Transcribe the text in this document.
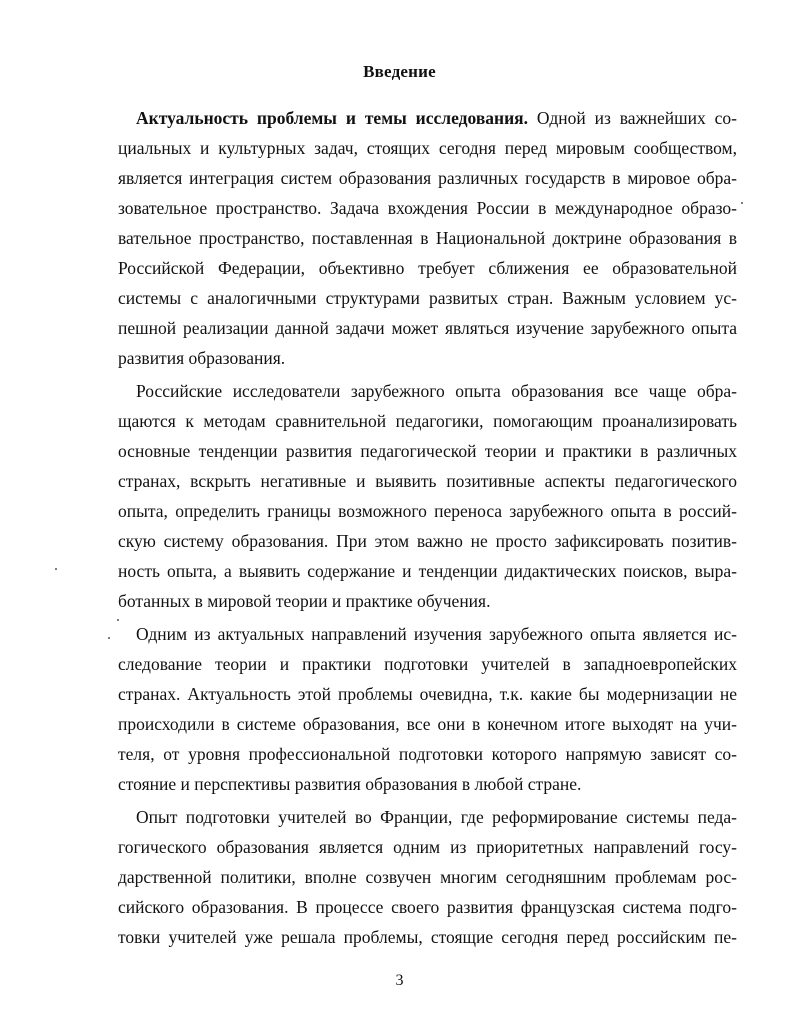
Введение
Актуальность проблемы и темы исследования. Одной из важнейших со-
циальных и культурных задач, стоящих сегодня перед мировым сообществом,
является интеграция систем образования различных государств в мировое обра-
зовательное пространство. Задача вхождения России в международное образо-
вательное пространство, поставленная в Национальной доктрине образования в
Российской Федерации, объективно требует сближения ее образовательной
системы с аналогичными структурами развитых стран. Важным условием ус-
пешной реализации данной задачи может являться изучение зарубежного опыта
развития образования.
Российские исследователи зарубежного опыта образования все чаще обра-
щаются к методам сравнительной педагогики, помогающим проанализировать
основные тенденции развития педагогической теории и практики в различных
странах, вскрыть негативные и выявить позитивные аспекты педагогического
опыта, определить границы возможного переноса зарубежного опыта в россий-
скую систему образования. При этом важно не просто зафиксировать позитив-
ность опыта, а выявить содержание и тенденции дидактических поисков, выра-
ботанных в мировой теории и практике обучения.
Одним из актуальных направлений изучения зарубежного опыта является ис-
следование теории и практики подготовки учителей в западноевропейских
странах. Актуальность этой проблемы очевидна, т.к. какие бы модернизации не
происходили в системе образования, все они в конечном итоге выходят на учи-
теля, от уровня профессиональной подготовки которого напрямую зависят со-
стояние и перспективы развития образования в любой стране.
Опыт подготовки учителей во Франции, где реформирование системы педа-
гогического образования является одним из приоритетных направлений госу-
дарственной политики, вполне созвучен многим сегодняшним проблемам рос-
сийского образования. В процессе своего развития французская система подго-
товки учителей уже решала проблемы, стоящие сегодня перед российским пе-
3
